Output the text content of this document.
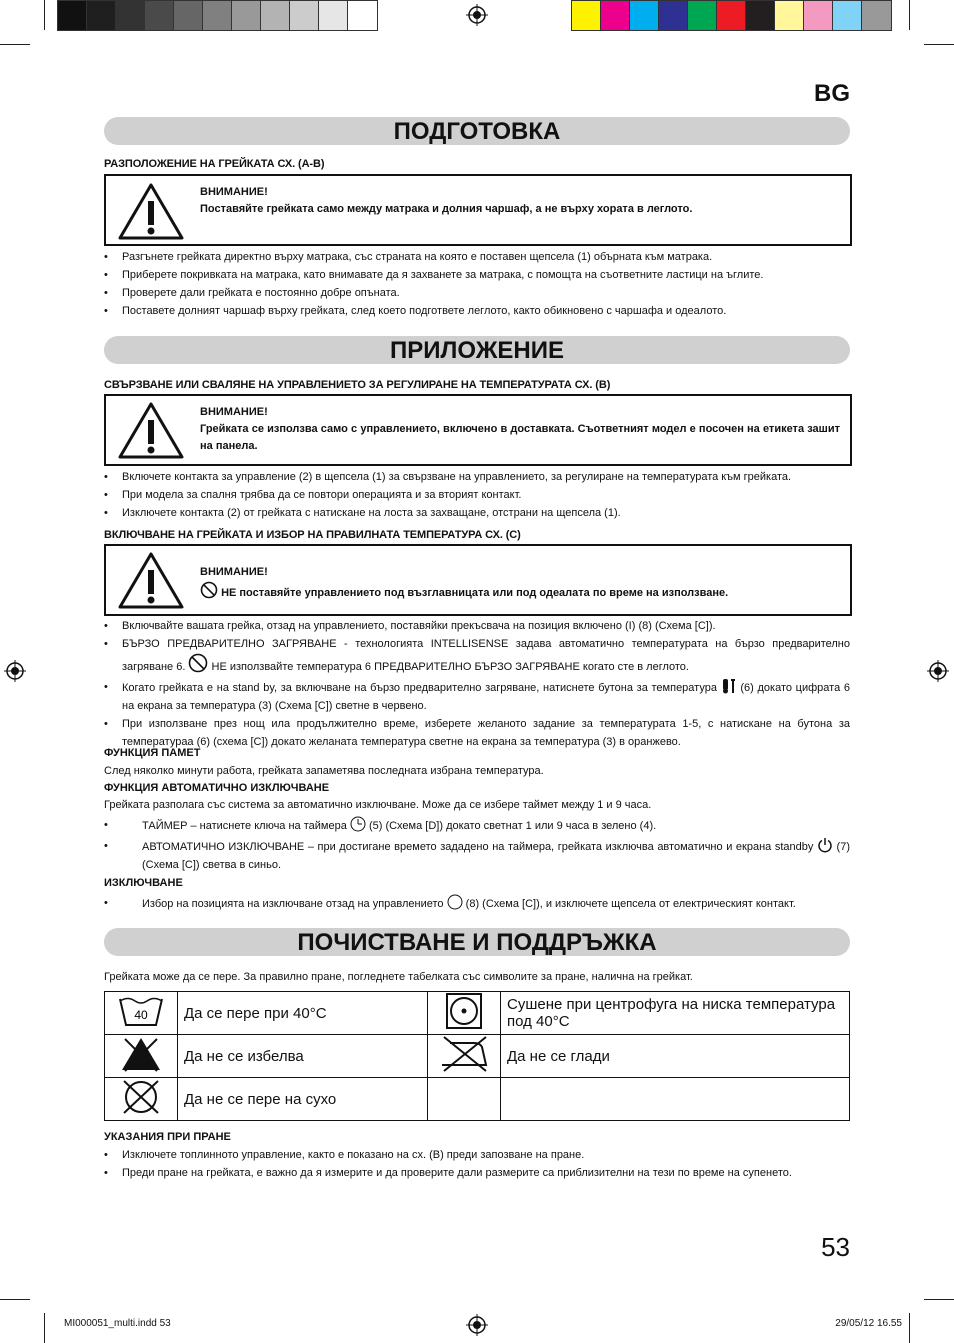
BG
ПОДГОТОВКА
РАЗПОЛОЖЕНИЕ НА ГРЕЙКАТА СХ. (A-B)
ВНИМАНИЕ!
Поставяйте грейката само между матрака и долния чаршаф, а не върху хората в леглото.
• Разгънете грейката директно върху матрака, със страната на която е поставен щепсела (1) обърната към матрака.
• Приберете покривката на матрака, като внимавате да я захванете за матрака, с помощта на съответните ластици на ъглите.
• Проверете дали грейката е постоянно добре опъната.
• Поставете долният чаршаф върху грейката, след което подгответе леглото, както обикновено с чаршафа и одеалото.
ПРИЛОЖЕНИЕ
СВЪРЗВАНЕ ИЛИ СВАЛЯНЕ НА УПРАВЛЕНИЕТО ЗА РЕГУЛИРАНЕ НА ТЕМПЕРАТУРАТА СХ. (B)
ВНИМАНИЕ!
Грейката се използва само с управлението, включено в доставката. Съответният модел е посочен на етикета зашит на панела.
• Включете контакта за управление (2) в щепсела (1) за свързване на управлението, за регулиране на температурата към грейката.
• При модела за спалня трябва да се повтори операцията и за вторият контакт.
• Изключете контакта (2) от грейката с натискане на лоста за захващане, отстрани на щепсела (1).
ВКЛЮЧВАНЕ НА ГРЕЙКАТА И ИЗБОР НА ПРАВИЛНАТА ТЕМПЕРАТУРА СХ. (C)
ВНИМАНИЕ!
НЕ поставяйте управлението под възглавницата или под одеалата по време на използване.
• Включвайте вашата грейка, отзад на управлението, поставяйки прекъсвача на позиция включено (I) (8) (Схема [C]).
• БЪРЗО ПРЕДВАРИТЕЛНО ЗАГРЯВАНЕ - технологията INTELLISENSE задава автоматично температурата на бързо предварително загряване 6. НЕ използвайте температура 6 ПРЕДВАРИТЕЛНО БЪРЗО ЗАГРЯВАНЕ когато сте в леглото.
• Когато грейката е на stand by, за включване на бързо предварително загряване, натиснете бутона за температура (6) докато цифрата 6 на екрана за температура (3) (Схема [C]) светне в червено.
• При използване през нощ ила продължително време, изберете желаното задание за температурата 1-5, с натискане на бутона за температураа (6) (схема [C]) докато желаната температура светне на екрана за температура (3) в оранжево.
ФУНКЦИЯ ПАМЕТ
След няколко минути работа, грейката запаметява последната избрана температура.
ФУНКЦИЯ АВТОМАТИЧНО ИЗКЛЮЧВАНЕ
Грейката разполага със система за автоматично изключване. Може да се избере таймет между 1 и 9 часа.
•	ТАЙМЕР – натиснете ключа на таймера (5) (Схема [D]) докато светнат 1 или 9 часа в зелено (4).
•	АВТОМАТИЧНО ИЗКЛЮЧВАНЕ – при достигане времето зададено на таймера, грейката изключва автоматично и екрана standby (7) (Схема [C]) светва в синьо.
ИЗКЛЮЧВАНЕ
•	Избор на позицията на изключване отзад на управлението (8) (Схема [C]), и изключете щепсела от електрическият контакт.
ПОЧИСТВАНЕ И ПОДДРЪЖКА
Грейката може да се пере. За правилно пране, погледнете табелката със символите за пране, налична на грейкат.
40	Да се пере при 40°C		Сушене при центрофуга на ниска температура под 40°C
	Да не се избелва		Да не се глади
	Да не се пере на сухо		
УКАЗАНИЯ ПРИ ПРАНЕ
• Изключете топлинното управление, както е показано на сх. (B) преди запозване на пране.
• Преди пране на грейката, е важно да я измерите и да проверите дали размерите са приблизителни на тези по време на супенето.
53
MI000051_multi.indd 53	29/05/12 16.55
